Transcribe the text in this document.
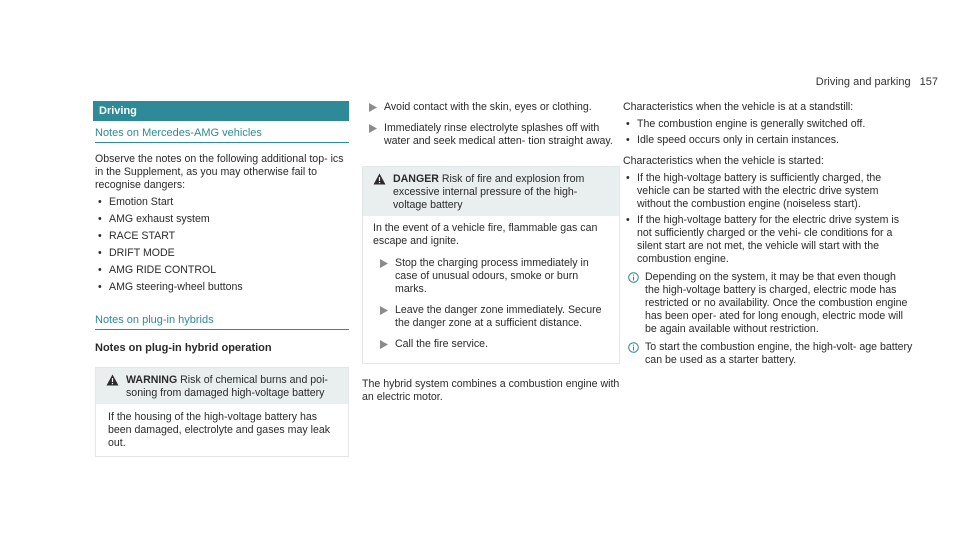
Driving and parking 157
Driving
Notes on Mercedes-AMG vehicles
Observe the notes on the following additional top- ics in the Supplement, as you may otherwise fail to recognise dangers:
• Emotion Start
• AMG exhaust system
• RACE START
• DRIFT MODE
• AMG RIDE CONTROL
• AMG steering-wheel buttons
Notes on plug-in hybrids
Notes on plug-in hybrid operation
WARNING Risk of chemical burns and poi- soning from damaged high-voltage battery
If the housing of the high-voltage battery has been damaged, electrolyte and gases may leak out.
Avoid contact with the skin, eyes or clothing.
Immediately rinse electrolyte splashes off with water and seek medical atten- tion straight away.
DANGER Risk of fire and explosion from excessive internal pressure of the high- voltage battery
In the event of a vehicle fire, flammable gas can escape and ignite.
Stop the charging process immediately in case of unusual odours, smoke or burn marks.
Leave the danger zone immediately. Secure the danger zone at a sufficient distance.
Call the fire service.
The hybrid system combines a combustion engine with an electric motor.
Characteristics when the vehicle is at a standstill:
• The combustion engine is generally switched off.
• Idle speed occurs only in certain instances.
Characteristics when the vehicle is started:
• If the high-voltage battery is sufficiently charged, the vehicle can be started with the electric drive system without the combustion engine (noiseless start).
• If the high-voltage battery for the electric drive system is not sufficiently charged or the vehi- cle conditions for a silent start are not met, the vehicle will start with the combustion engine.
Depending on the system, it may be that even though the high-voltage battery is charged, electric mode has restricted or no availability. Once the combustion engine has been oper- ated for long enough, electric mode will be again available without restriction.
To start the combustion engine, the high-volt- age battery can be used as a starter battery.
